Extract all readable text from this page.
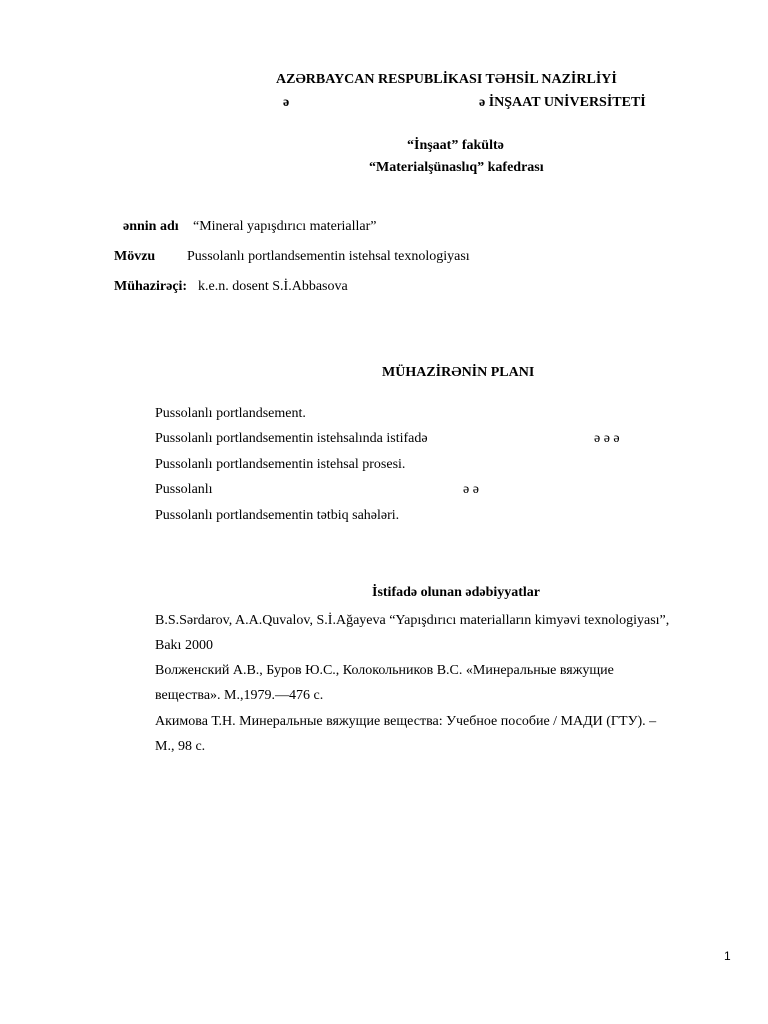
AZƏRBAYCAN RESPUBLİKASI TƏHSİL NAZİRLİYİ
ə	ə İNŞAAT UNİVERSİTETİ
“İnşaat” fakültə
“Materialşünaslıq” kafedrası
ənnin adı “Mineral yapışdırıcı materiallar”
Mövzu Pussolanlı portlandsementin istehsal texnologiyası
Mühazirəçi: k.e.n. dosent S.İ.Abbasova
MÜHAZİRƏNİN PLANI
Pussolanlı portlandsement.
Pussolanlı portlandsementin istehsalında istifadə	ə ə ə
Pussolanlı portlandsementin istehsal prosesi.
Pussolanlı	ə ə
Pussolanlı portlandsementin tətbiq sahələri.
İstifadə olunan ədəbiyyatlar
B.S.Sərdarov, A.A.Quvalov, S.İ.Ağayeva “Yapışdırıcı materialların kimyəvi texnologiyası”,
Bakı 2000
Волженский А.В., Буров Ю.С., Колокольников В.С. «Минеральные вяжущие
вещества». М.,1979.—476 с.
Акимова Т.Н. Минеральные вяжущие вещества: Учебное пособие / МАДИ (ГТУ). –
М., 98 с.
1
